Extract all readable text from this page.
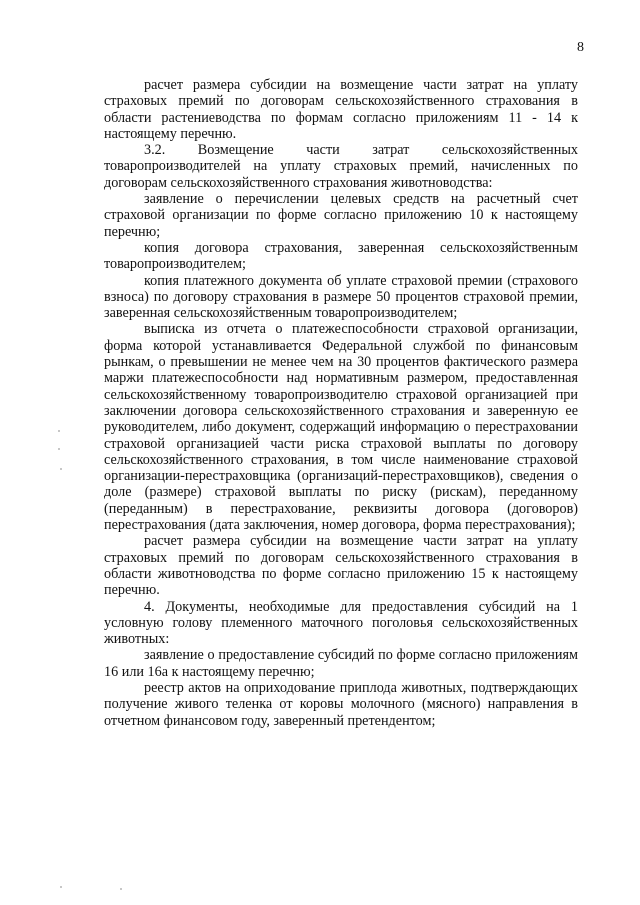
8

расчет размера субсидии на возмещение части затрат на уплату страховых премий по договорам сельскохозяйственного страхования в области растениеводства по формам согласно приложениям 11 - 14 к настоящему перечню.

3.2. Возмещение части затрат сельскохозяйственных товаропроизводителей на уплату страховых премий, начисленных по договорам сельскохозяйственного страхования животноводства:

заявление о перечислении целевых средств на расчетный счет страховой организации по форме согласно приложению 10 к настоящему перечню;

копия договора страхования, заверенная сельскохозяйственным товаропроизводителем;

копия платежного документа об уплате страховой премии (страхового взноса) по договору страхования в размере 50 процентов страховой премии, заверенная сельскохозяйственным товаропроизводителем;

выписка из отчета о платежеспособности страховой организации, форма которой устанавливается Федеральной службой по финансовым рынкам, о превышении не менее чем на 30 процентов фактического размера маржи платежеспособности над нормативным размером, предоставленная сельскохозяйственному товаропроизводителю страховой организацией при заключении договора сельскохозяйственного страхования и заверенную ее руководителем, либо документ, содержащий информацию о перестраховании страховой организацией части риска страховой выплаты по договору сельскохозяйственного страхования, в том числе наименование страховой организации-перестраховщика (организаций-перестраховщиков), сведения о доле (размере) страховой выплаты по риску (рискам), переданному (переданным) в перестрахование, реквизиты договора (договоров) перестрахования (дата заключения, номер договора, форма перестрахования);

расчет размера субсидии на возмещение части затрат на уплату страховых премий по договорам сельскохозяйственного страхования в области животноводства по форме согласно приложению 15 к настоящему перечню.

4. Документы, необходимые для предоставления субсидий на 1 условную голову племенного маточного поголовья сельскохозяйственных животных:

заявление о предоставление субсидий по форме согласно приложениям 16 или 16а к настоящему перечню;

реестр актов на оприходование приплода животных, подтверждающих получение живого теленка от коровы молочного (мясного) направления в отчетном финансовом году, заверенный претендентом;
